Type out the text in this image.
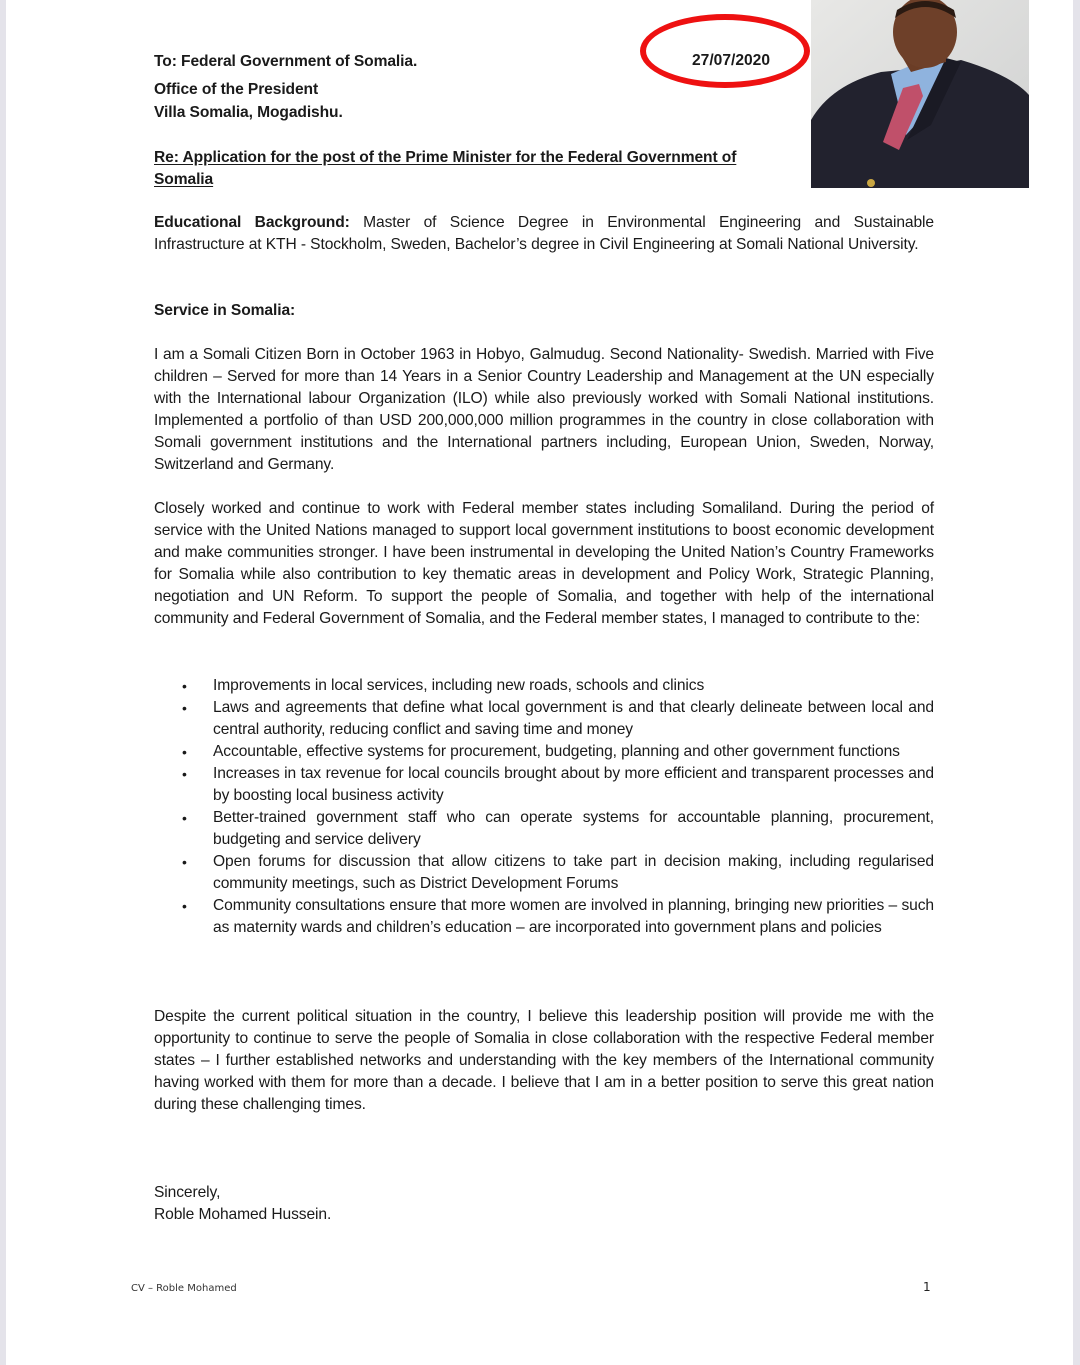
To: Federal Government of Somalia.
Office of the President
Villa Somalia, Mogadishu.
27/07/2020
Re: Application for the post of the Prime Minister for the Federal Government of Somalia
Educational Background: Master of Science Degree in Environmental Engineering and Sustainable Infrastructure at KTH - Stockholm, Sweden, Bachelor’s degree in Civil Engineering at Somali National University.
Service in Somalia:
I am a Somali Citizen Born in October 1963 in Hobyo, Galmudug. Second Nationality- Swedish. Married with Five children – Served for more than 14 Years in a Senior Country Leadership and Management at the UN especially with the International labour Organization (ILO) while also previously worked with Somali National institutions.        Implemented a portfolio of than USD 200,000,000 million programmes in the country in close collaboration with Somali government institutions and the International partners including, European Union, Sweden, Norway, Switzerland and Germany.
Closely worked and continue to work with Federal member states including Somaliland. During the period of service with the United Nations managed to support local government institutions to boost economic development and make communities stronger. I have been instrumental in developing the United Nation’s Country Frameworks for Somalia while also contribution to key thematic areas in development and Policy Work, Strategic Planning, negotiation and UN Reform. To support the people of Somalia, and together with help of the international community and Federal Government of Somalia, and the Federal member states, I managed to contribute to the:
• Improvements in local services, including new roads, schools and clinics
• Laws and agreements that define what local government is and that clearly delineate between local and central authority, reducing conflict and saving time and money
• Accountable, effective systems for procurement, budgeting, planning and other government functions
• Increases in tax revenue for local councils brought about by more efficient and transparent processes and by boosting local business activity
• Better-trained government staff who can operate systems for accountable planning, procurement, budgeting and service delivery
• Open forums for discussion that allow citizens to take part in decision making, including regularised community meetings, such as District Development Forums
• Community consultations ensure that more women are involved in planning, bringing new priorities – such as maternity wards and children’s education – are incorporated into government plans and policies
Despite the current political situation in the country, I believe this leadership position will provide me with the opportunity to continue to serve the people of Somalia in close collaboration with the respective Federal member states – I further established networks and understanding with the key members of the International community having worked with them for more than a decade. I believe that I am in a better position to serve this great nation during these challenging times.
Sincerely,
Roble Mohamed Hussein.
CV – Roble Mohamed	1
